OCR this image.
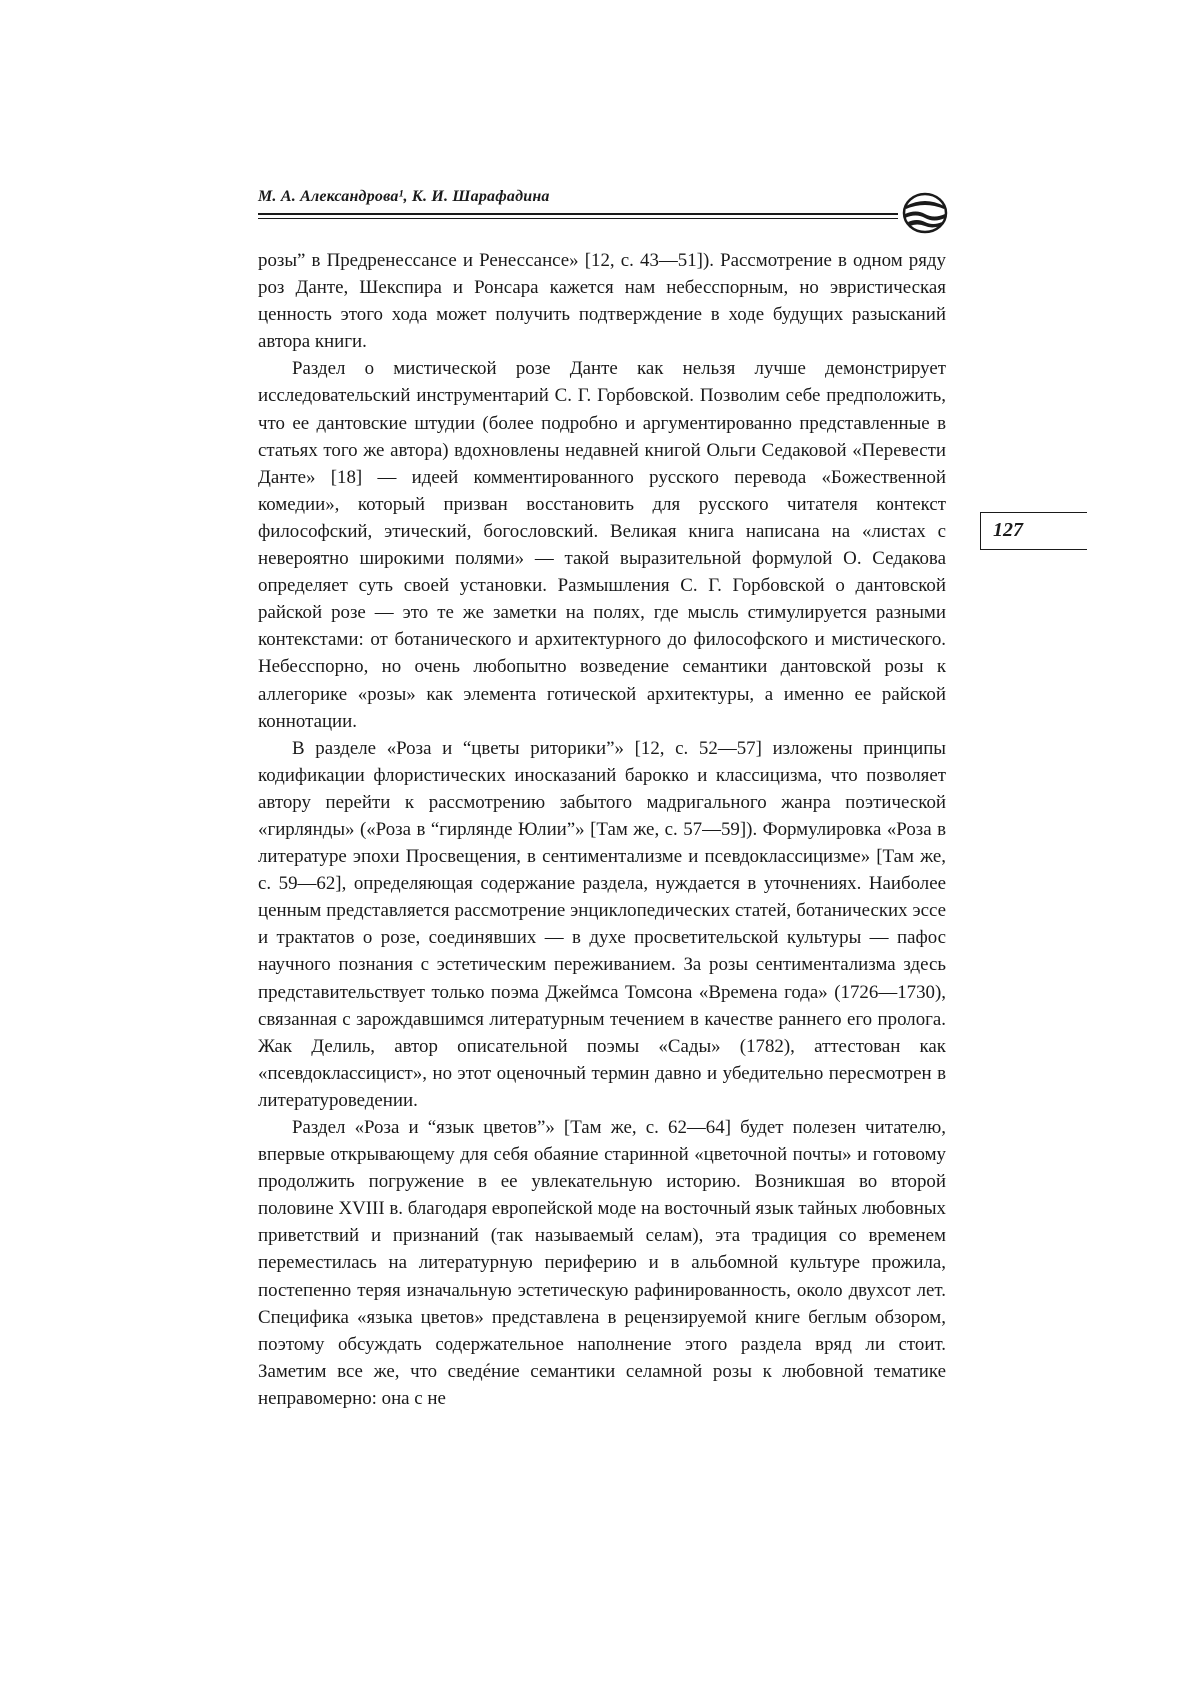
М. А. Александрова¹, К. И. Шарафадина
127

розы” в Предренессансе и Ренессансе» [12, с. 43—51]). Рассмотрение в одном ряду роз Данте, Шекспира и Ронсара кажется нам небесспорным, но эвристическая ценность этого хода может получить подтверждение в ходе будущих разысканий автора книги.

Раздел о мистической розе Данте как нельзя лучше демонстрирует исследовательский инструментарий С. Г. Горбовской. Позволим себе предположить, что ее дантовские штудии (более подробно и аргументированно представленные в статьях того же автора) вдохновлены недавней книгой Ольги Седаковой «Перевести Данте» [18] — идеей комментированного русского перевода «Божественной комедии», который призван восстановить для русского читателя контекст философский, этический, богословский. Великая книга написана на «листах с невероятно широкими полями» — такой выразительной формулой О. Седакова определяет суть своей установки. Размышления С. Г. Горбовской о дантовской райской розе — это те же заметки на полях, где мысль стимулируется разными контекстами: от ботанического и архитектурного до философского и мистического. Небесспорно, но очень любопытно возведение семантики дантовской розы к аллегорике «розы» как элемента готической архитектуры, а именно ее райской коннотации.

В разделе «Роза и “цветы риторики”» [12, с. 52—57] изложены принципы кодификации флористических иносказаний барокко и классицизма, что позволяет автору перейти к рассмотрению забытого мадригального жанра поэтической «гирлянды» («Роза в “гирлянде Юлии”» [Там же, с. 57—59]). Формулировка «Роза в литературе эпохи Просвещения, в сентиментализме и псевдоклассицизме» [Там же, с. 59—62], определяющая содержание раздела, нуждается в уточнениях. Наиболее ценным представляется рассмотрение энциклопедических статей, ботанических эссе и трактатов о розе, соединявших — в духе просветительской культуры — пафос научного познания с эстетическим переживанием. За розы сентиментализма здесь представительствует только поэма Джеймса Томсона «Времена года» (1726—1730), связанная с зарождавшимся литературным течением в качестве раннего его пролога. Жак Делиль, автор описательной поэмы «Сады» (1782), аттестован как «псевдоклассицист», но этот оценочный термин давно и убедительно пересмотрен в литературоведении.

Раздел «Роза и “язык цветов”» [Там же, с. 62—64] будет полезен читателю, впервые открывающему для себя обаяние старинной «цветочной почты» и готовому продолжить погружение в ее увлекательную историю. Возникшая во второй половине XVIII в. благодаря европейской моде на восточный язык тайных любовных приветствий и признаний (так называемый селам), эта традиция со временем переместилась на литературную периферию и в альбомной культуре прожила, постепенно теряя изначальную эстетическую рафинированность, около двухсот лет. Специфика «языка цветов» представлена в рецензируемой книге беглым обзором, поэтому обсуждать содержательное наполнение этого раздела вряд ли стоит. Заметим все же, что сведéние семантики селамной розы к любовной тематике неправомерно: она с не
